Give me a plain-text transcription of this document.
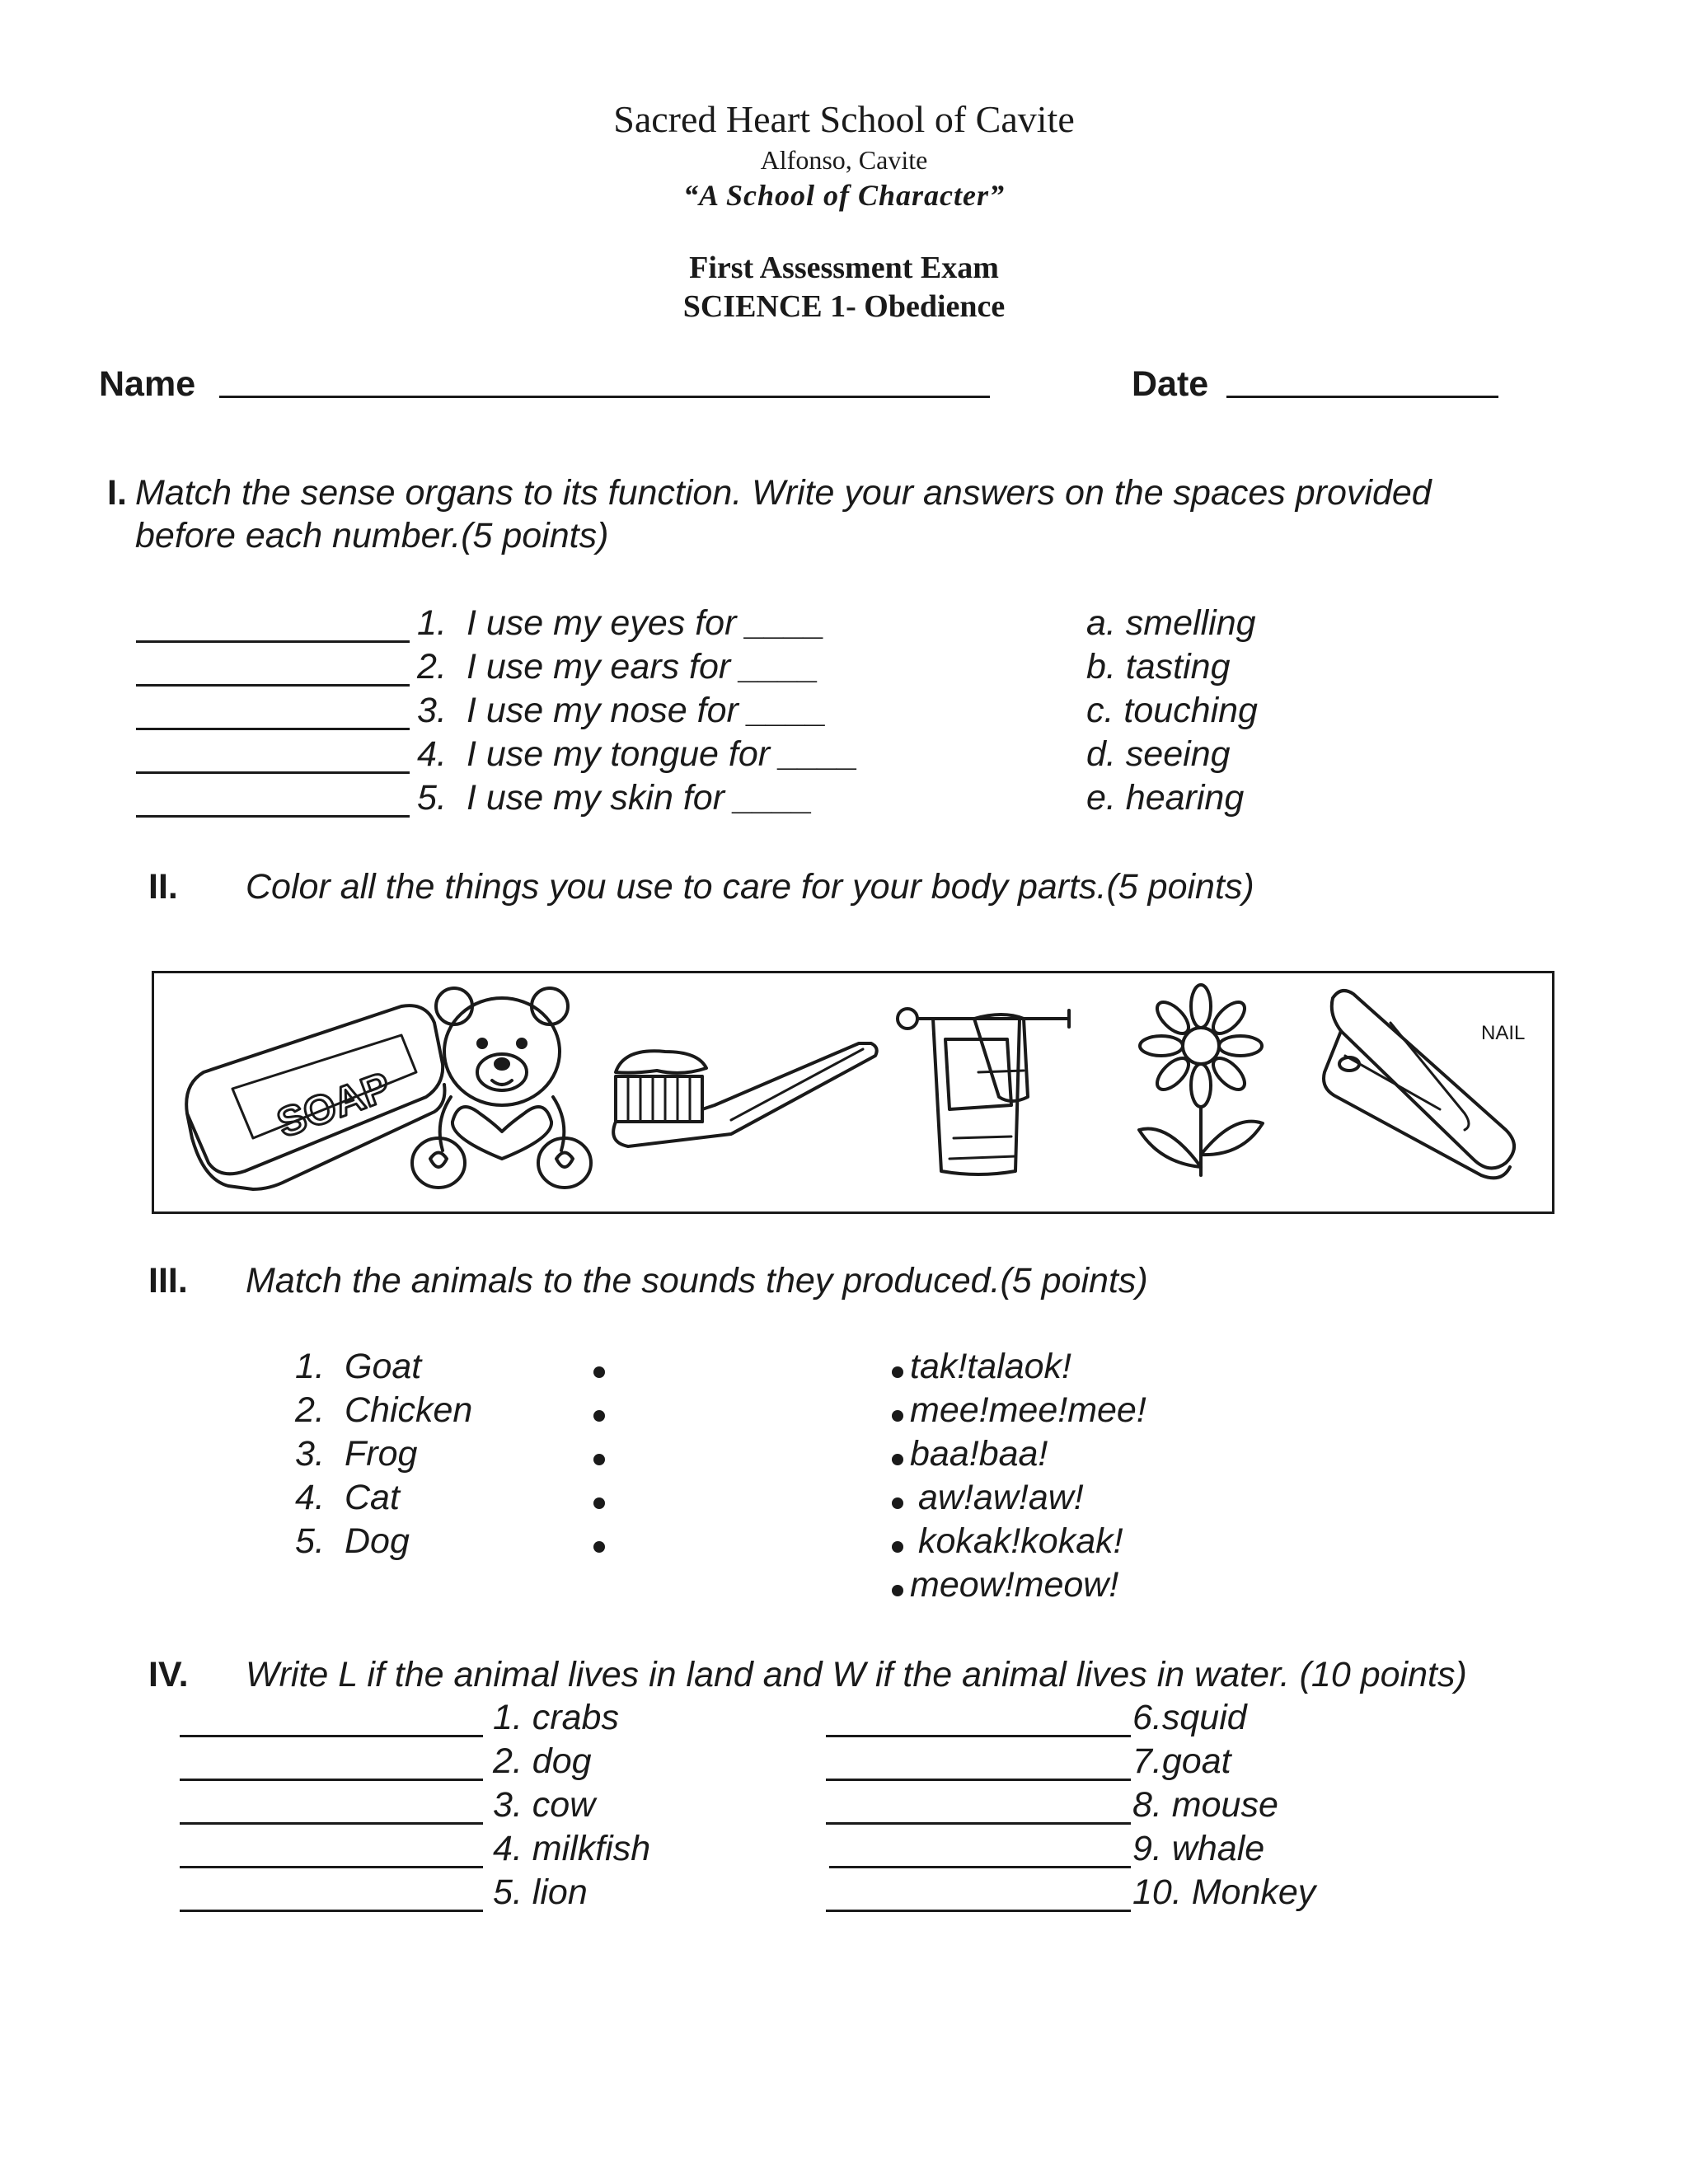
Sacred Heart School of Cavite
Alfonso, Cavite
“A School of Character”
First Assessment Exam
SCIENCE 1- Obedience
Name	Date
I. Match the sense organs to its function. Write your answers on the spaces provided
before each number.(5 points)
1. I use my eyes for ____
2. I use my ears for ____
3. I use my nose for ____
4. I use my tongue for ____
5. I use my skin for ____
a. smelling
b. tasting
c. touching
d. seeing
e. hearing
II. Color all the things you use to care for your body parts.(5 points)
SOAP
NAIL
III. Match the animals to the sounds they produced.(5 points)
1. Goat
2. Chicken
3. Frog
4. Cat
5. Dog
tak!talaok!
mee!mee!mee!
baa!baa!
aw!aw!aw!
kokak!kokak!
meow!meow!
IV. Write L if the animal lives in land and W if the animal lives in water. (10 points)
1. crabs
2. dog
3. cow
4. milkfish
5. lion
6.squid
7.goat
8. mouse
9. whale
10. Monkey
